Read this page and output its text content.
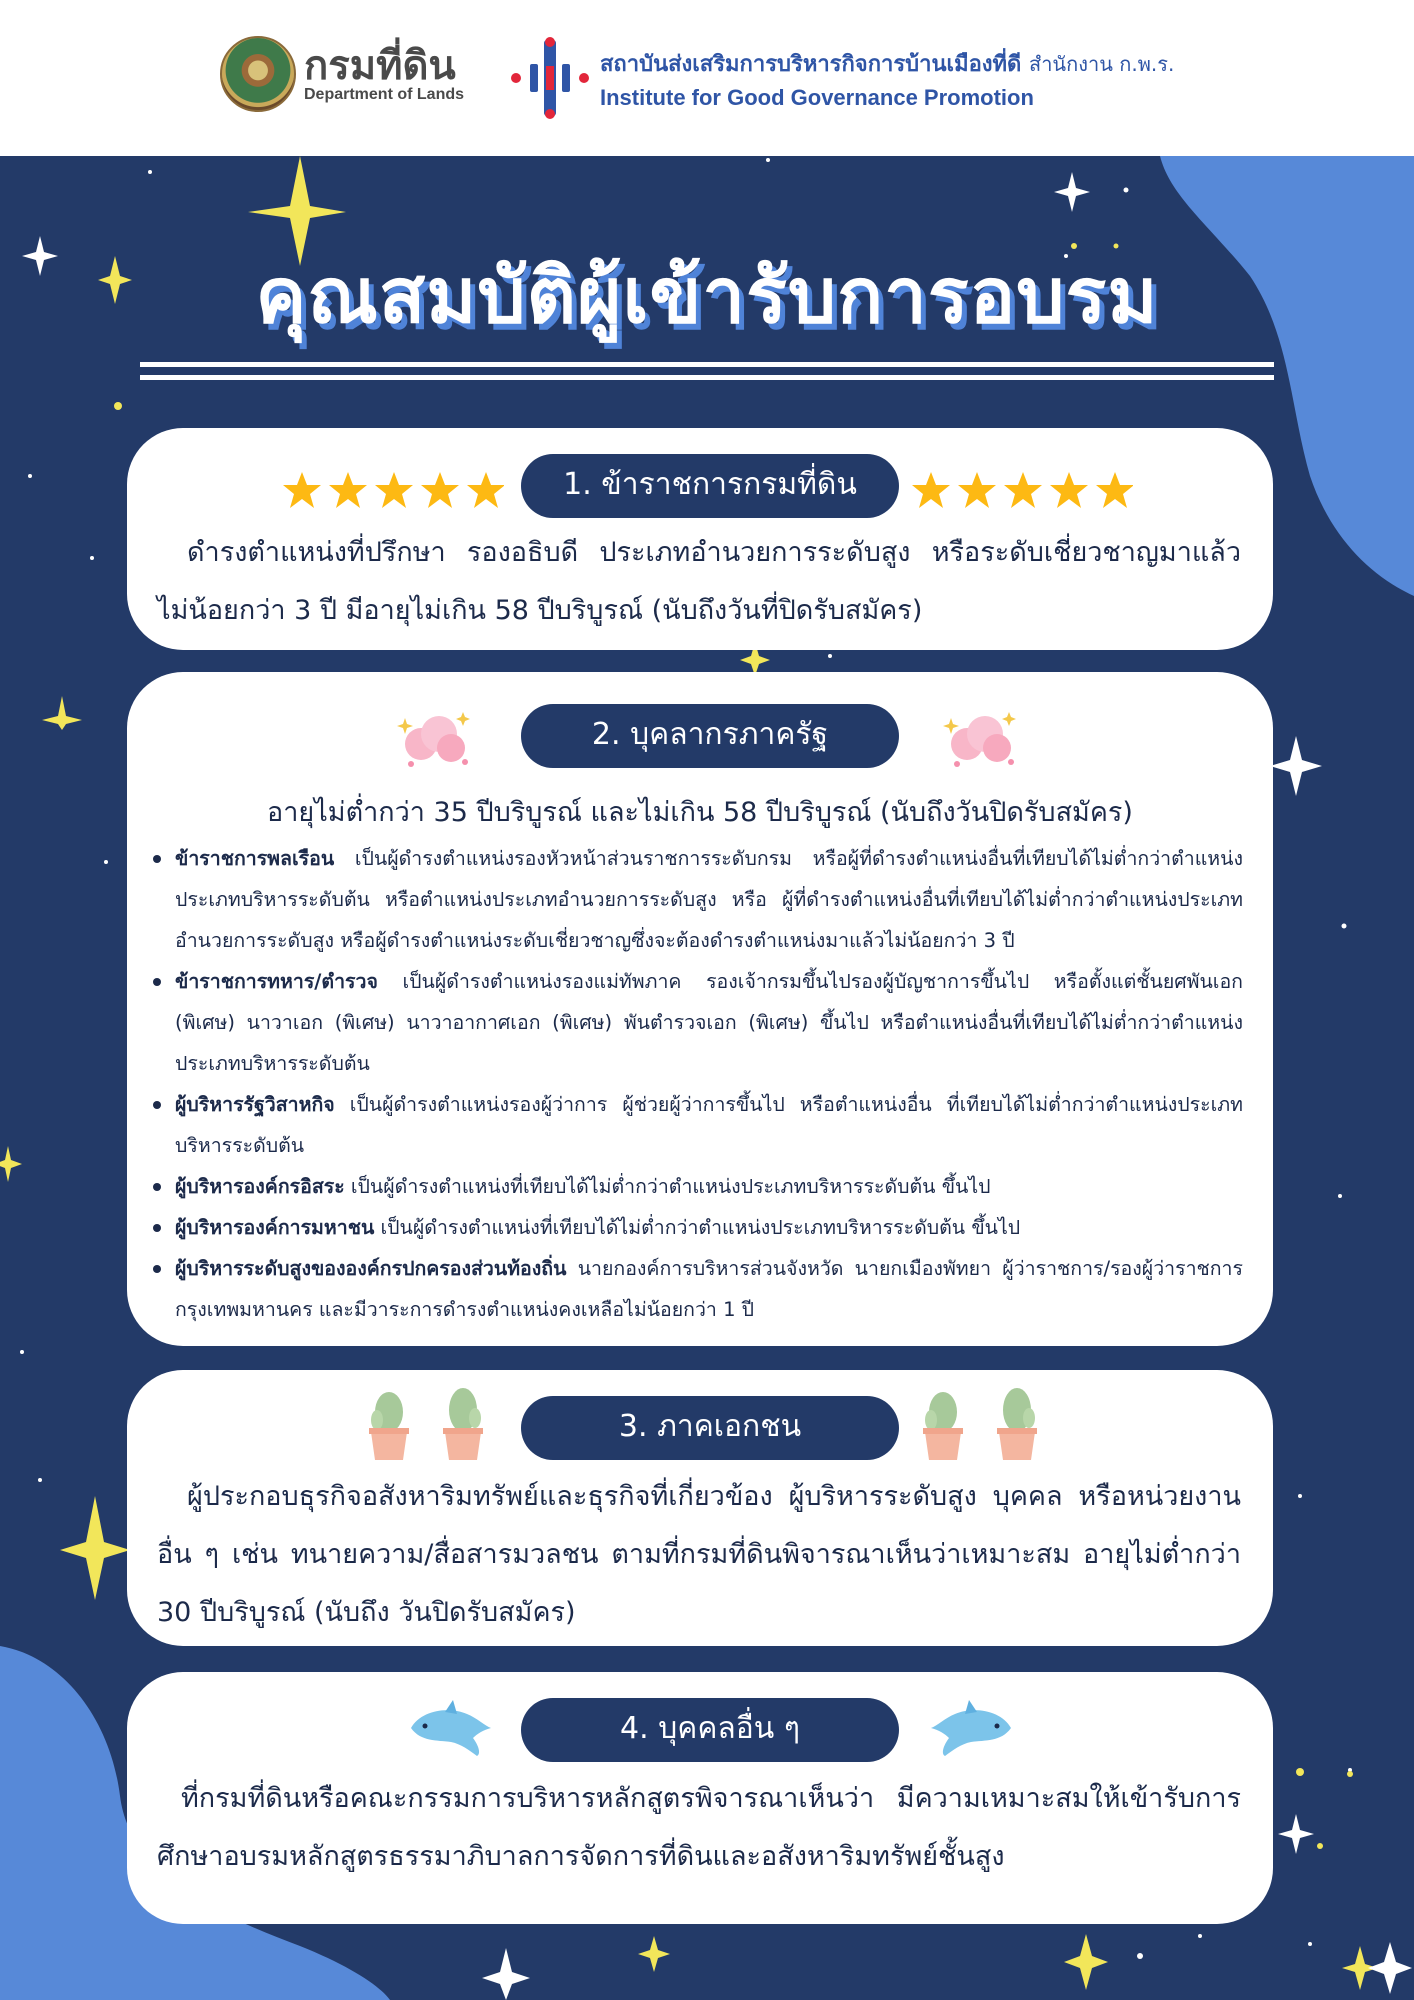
กรมที่ดิน
Department of Lands
สถาบันส่งเสริมการบริหารกิจการบ้านเมืองที่ดี สำนักงาน ก.พ.ร.
Institute for Good Governance Promotion
คุณสมบัติผู้เข้ารับการอบรม
1. ข้าราชการกรมที่ดิน
ดำรงตำแหน่งที่ปรึกษา รองอธิบดี ประเภทอำนวยการระดับสูง หรือระดับเชี่ยวชาญมาแล้ว ไม่น้อยกว่า 3 ปี มีอายุไม่เกิน 58 ปีบริบูรณ์ (นับถึงวันที่ปิดรับสมัคร)
2. บุคลากรภาครัฐ
อายุไม่ต่ำกว่า 35 ปีบริบูรณ์ และไม่เกิน 58 ปีบริบูรณ์ (นับถึงวันปิดรับสมัคร)
ข้าราชการพลเรือน เป็นผู้ดำรงตำแหน่งรองหัวหน้าส่วนราชการระดับกรม หรือผู้ที่ดำรงตำแหน่งอื่นที่เทียบได้ไม่ต่ำกว่าตำแหน่งประเภทบริหารระดับต้น หรือตำแหน่งประเภทอำนวยการระดับสูง หรือ ผู้ที่ดำรงตำแหน่งอื่นที่เทียบได้ไม่ต่ำกว่าตำแหน่งประเภทอำนวยการระดับสูง หรือผู้ดำรงตำแหน่งระดับเชี่ยวชาญซึ่งจะต้องดำรงตำแหน่งมาแล้วไม่น้อยกว่า 3 ปี
ข้าราชการทหาร/ตำรวจ เป็นผู้ดำรงตำแหน่งรองแม่ทัพภาค รองเจ้ากรมขึ้นไปรองผู้บัญชาการขึ้นไป หรือตั้งแต่ชั้นยศพันเอก (พิเศษ) นาวาเอก (พิเศษ) นาวาอากาศเอก (พิเศษ) พันตำรวจเอก (พิเศษ) ขึ้นไป หรือตำแหน่งอื่นที่เทียบได้ไม่ต่ำกว่าตำแหน่งประเภทบริหารระดับต้น
ผู้บริหารรัฐวิสาหกิจ เป็นผู้ดำรงตำแหน่งรองผู้ว่าการ ผู้ช่วยผู้ว่าการขึ้นไป หรือตำแหน่งอื่น ที่เทียบได้ไม่ต่ำกว่าตำแหน่งประเภทบริหารระดับต้น
ผู้บริหารองค์กรอิสระ เป็นผู้ดำรงตำแหน่งที่เทียบได้ไม่ต่ำกว่าตำแหน่งประเภทบริหารระดับต้น ขึ้นไป
ผู้บริหารองค์การมหาชน เป็นผู้ดำรงตำแหน่งที่เทียบได้ไม่ต่ำกว่าตำแหน่งประเภทบริหารระดับต้น ขึ้นไป
ผู้บริหารระดับสูงขององค์กรปกครองส่วนท้องถิ่น นายกองค์การบริหารส่วนจังหวัด นายกเมืองพัทยา ผู้ว่าราชการ/รองผู้ว่าราชการกรุงเทพมหานคร และมีวาระการดำรงตำแหน่งคงเหลือไม่น้อยกว่า 1 ปี
3. ภาคเอกชน
ผู้ประกอบธุรกิจอสังหาริมทรัพย์และธุรกิจที่เกี่ยวข้อง ผู้บริหารระดับสูง บุคคล หรือหน่วยงานอื่น ๆ เช่น ทนายความ/สื่อสารมวลชน ตามที่กรมที่ดินพิจารณาเห็นว่าเหมาะสม อายุไม่ต่ำกว่า 30 ปีบริบูรณ์ (นับถึง วันปิดรับสมัคร)
4. บุคคลอื่น ๆ
ที่กรมที่ดินหรือคณะกรรมการบริหารหลักสูตรพิจารณาเห็นว่า มีความเหมาะสมให้เข้ารับการศึกษาอบรมหลักสูตรธรรมาภิบาลการจัดการที่ดินและอสังหาริมทรัพย์ชั้นสูง
